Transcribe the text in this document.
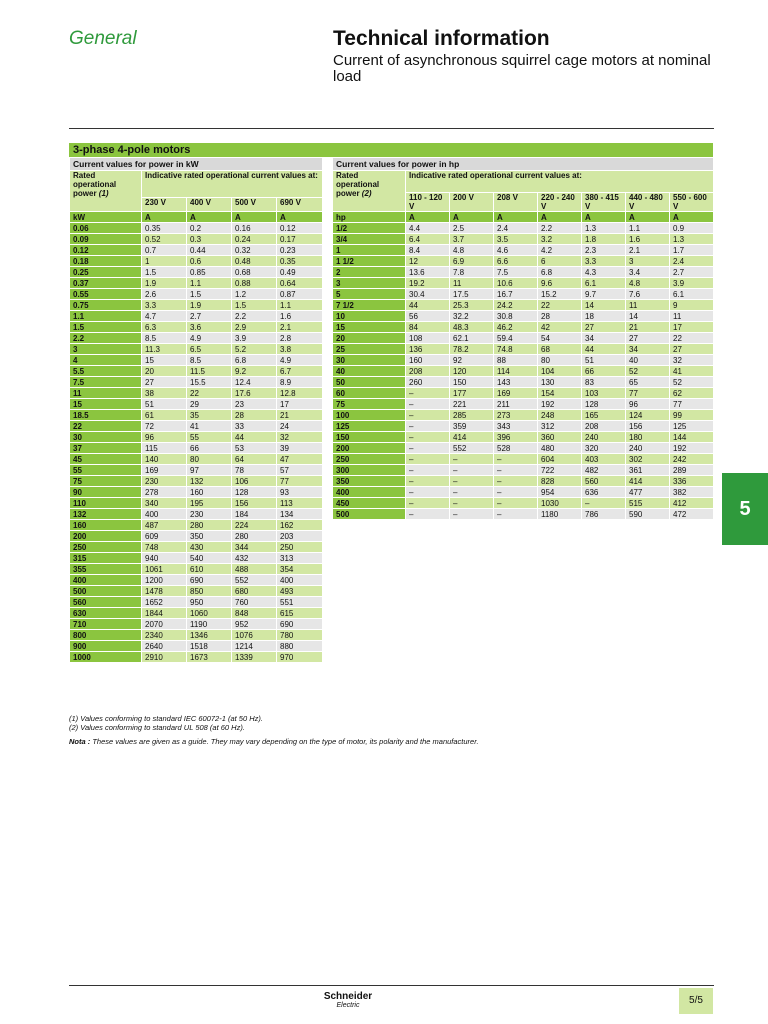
General	Technical information
Current of asynchronous squirrel cage motors at nominal load
3-phase 4-pole motors
Current values for power in kW				
Rated operational power (1)	Indicative rated operational current values at:			
	230 V	400 V	500 V	690 V
kW	A	A	A	A
0.06	0.35	0.2	0.16	0.12
0.09	0.52	0.3	0.24	0.17
0.12	0.7	0.44	0.32	0.23
0.18	1	0.6	0.48	0.35
0.25	1.5	0.85	0.68	0.49
0.37	1.9	1.1	0.88	0.64
0.55	2.6	1.5	1.2	0.87
0.75	3.3	1.9	1.5	1.1
1.1	4.7	2.7	2.2	1.6
1.5	6.3	3.6	2.9	2.1
2.2	8.5	4.9	3.9	2.8
3	11.3	6.5	5.2	3.8
4	15	8.5	6.8	4.9
5.5	20	11.5	9.2	6.7
7.5	27	15.5	12.4	8.9
11	38	22	17.6	12.8
15	51	29	23	17
18.5	61	35	28	21
22	72	41	33	24
30	96	55	44	32
37	115	66	53	39
45	140	80	64	47
55	169	97	78	57
75	230	132	106	77
90	278	160	128	93
110	340	195	156	113
132	400	230	184	134
160	487	280	224	162
200	609	350	280	203
250	748	430	344	250
315	940	540	432	313
355	1061	610	488	354
400	1200	690	552	400
500	1478	850	680	493
560	1652	950	760	551
630	1844	1060	848	615
710	2070	1190	952	690
800	2340	1346	1076	780
900	2640	1518	1214	880
1000	2910	1673	1339	970
Current values for power in hp							
Rated operational power (2)	Indicative rated operational current values at:						
	110 - 120 V	200 V	208 V	220 - 240 V	380 - 415 V	440 - 480 V	550 - 600 V
hp	A	A	A	A	A	A	A
1/2	4.4	2.5	2.4	2.2	1.3	1.1	0.9
3/4	6.4	3.7	3.5	3.2	1.8	1.6	1.3
1	8.4	4.8	4.6	4.2	2.3	2.1	1.7
1 1/2	12	6.9	6.6	6	3.3	3	2.4
2	13.6	7.8	7.5	6.8	4.3	3.4	2.7
3	19.2	11	10.6	9.6	6.1	4.8	3.9
5	30.4	17.5	16.7	15.2	9.7	7.6	6.1
7 1/2	44	25.3	24.2	22	14	11	9
10	56	32.2	30.8	28	18	14	11
15	84	48.3	46.2	42	27	21	17
20	108	62.1	59.4	54	34	27	22
25	136	78.2	74.8	68	44	34	27
30	160	92	88	80	51	40	32
40	208	120	114	104	66	52	41
50	260	150	143	130	83	65	52
60	–	177	169	154	103	77	62
75	–	221	211	192	128	96	77
100	–	285	273	248	165	124	99
125	–	359	343	312	208	156	125
150	–	414	396	360	240	180	144
200	–	552	528	480	320	240	192
250	–	–	–	604	403	302	242
300	–	–	–	722	482	361	289
350	–	–	–	828	560	414	336
400	–	–	–	954	636	477	382
450	–	–	–	1030	–	515	412
500	–	–	–	1180	786	590	472
(1) Values conforming to standard IEC 60072-1 (at 50 Hz).
(2) Values conforming to standard UL 508 (at 60 Hz).
Nota : These values are given as a guide. They may vary depending on the type of motor, its polarity and the manufacturer.
5
Schneider
Electric	5/5
